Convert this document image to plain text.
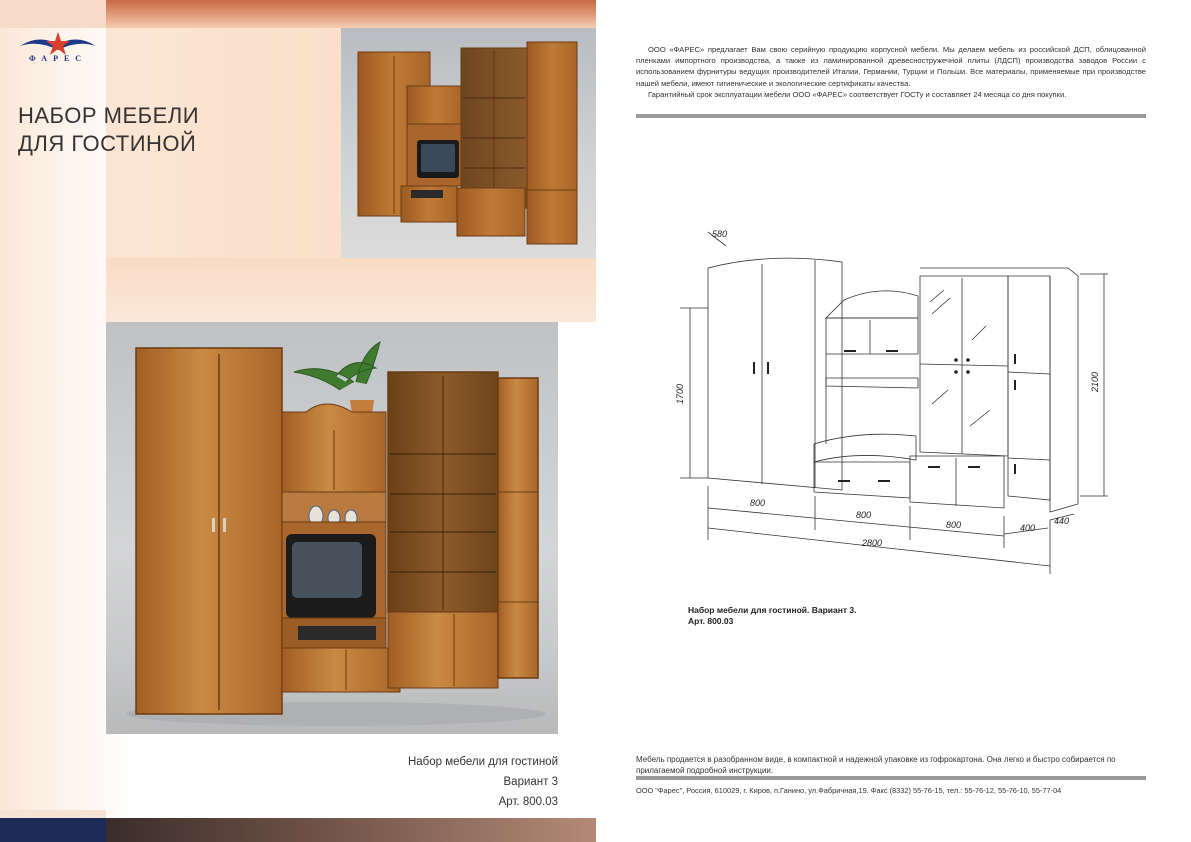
ФАРЕС
НАБОР МЕБЕЛИ
ДЛЯ ГОСТИНОЙ
Набор мебели для гостиной
Вариант 3
Арт. 800.03

ООО «ФАРЕС» предлагает Вам свою серийную продукцию корпусной мебели. Мы делаем мебель из российской ДСП, облицованной пленками импортного производства, а также из ламинированной древесностружечной плиты (ЛДСП) производства заводов России с использованием фурнитуры ведущих производителей Италии, Германии, Турции и Польши. Все материалы, применяемые при производстве нашей мебели, имеют гигиенические и экологические сертификаты качества.

Гарантийный срок эксплуатации мебели ООО «ФАРЕС» соответствует ГОСТу и составляет 24 месяца со дня покупки.

Мебель продается в разобранном виде, в компактной и надежной упаковке из гофрокартона. Она легко и быстро собирается по прилагаемой подробной инструкции.
ООО "Фарес", Россия, 610029, г. Киров, п.Ганино, ул.Фабричная,19. Факс (8332) 55-76-15, тел.: 55-76-12, 55-76-10, 55-77-04
580
1700
2100
800
800
800	400
440
2800
Набор мебели для гостиной. Вариант 3.
Арт. 800.03
